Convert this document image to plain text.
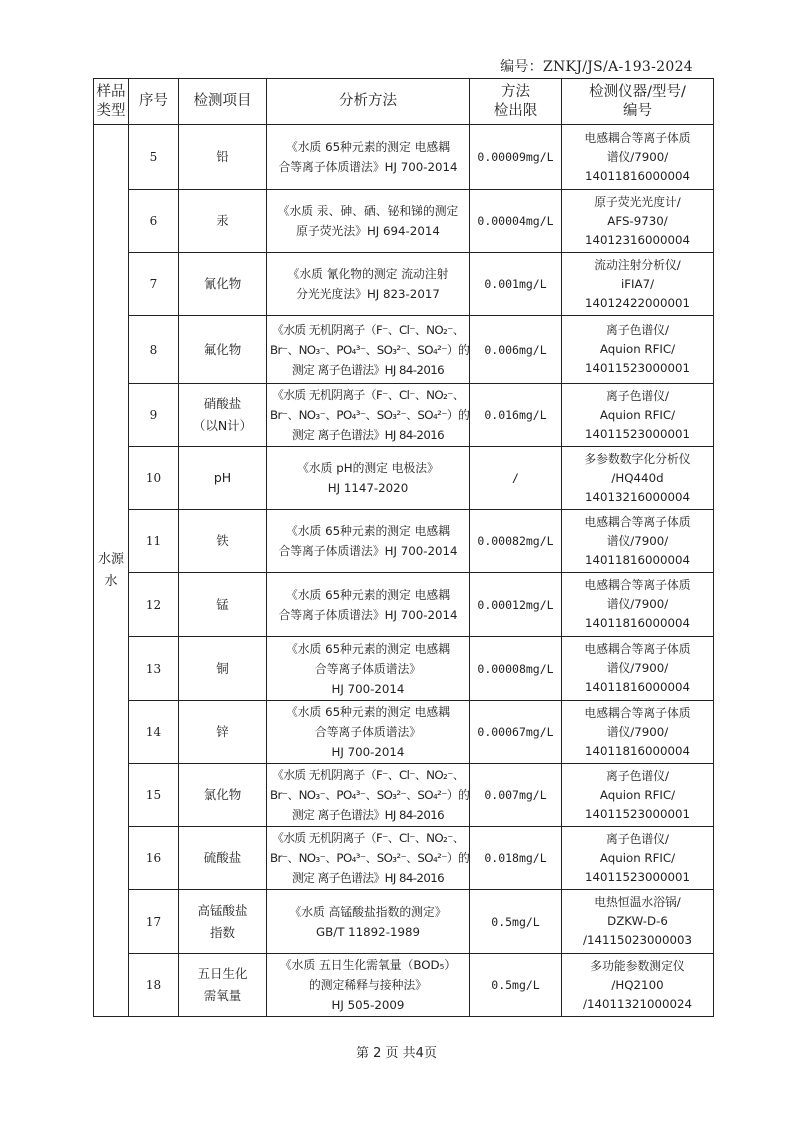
编号：ZNKJ/JS/A-193-2024
样品
类型	序号	检测项目	分析方法	方法
检出限	检测仪器/型号/
编号

水源
水	5	铅	《水质 65种元素的测定 电感耦
合等离子体质谱法》HJ 700-2014	0.00009mg/L	电感耦合等离子体质
谱仪/7900/
14011816000004

	6	汞	《水质 汞、砷、硒、铋和锑的测定
原子荧光法》HJ 694-2014	0.00004mg/L	原子荧光光度计/
AFS-9730/
14012316000004

	7	氰化物	《水质 氰化物的测定 流动注射
分光光度法》HJ 823-2017	0.001mg/L	流动注射分析仪/
iFIA7/
14012422000001

	8	氟化物	《水质 无机阴离子（F⁻、Cl⁻、NO₂⁻、
Br⁻、NO₃⁻、PO₄³⁻、SO₃²⁻、SO₄²⁻）的
测定 离子色谱法》HJ 84-2016	0.006mg/L	离子色谱仪/
Aquion RFIC/
14011523000001

	9	硝酸盐
（以N计）	《水质 无机阴离子（F⁻、Cl⁻、NO₂⁻、
Br⁻、NO₃⁻、PO₄³⁻、SO₃²⁻、SO₄²⁻）的
测定 离子色谱法》HJ 84-2016	0.016mg/L	离子色谱仪/
Aquion RFIC/
14011523000001

	10	pH	《水质 pH的测定 电极法》
HJ 1147-2020	/	多参数数字化分析仪
/HQ440d
14013216000004

	11	铁	《水质 65种元素的测定 电感耦
合等离子体质谱法》HJ 700-2014	0.00082mg/L	电感耦合等离子体质
谱仪/7900/
14011816000004

	12	锰	《水质 65种元素的测定 电感耦
合等离子体质谱法》HJ 700-2014	0.00012mg/L	电感耦合等离子体质
谱仪/7900/
14011816000004

	13	铜	《水质 65种元素的测定 电感耦
合等离子体质谱法》
HJ 700-2014	0.00008mg/L	电感耦合等离子体质
谱仪/7900/
14011816000004

	14	锌	《水质 65种元素的测定 电感耦
合等离子体质谱法》
HJ 700-2014	0.00067mg/L	电感耦合等离子体质
谱仪/7900/
14011816000004

	15	氯化物	《水质 无机阴离子（F⁻、Cl⁻、NO₂⁻、
Br⁻、NO₃⁻、PO₄³⁻、SO₃²⁻、SO₄²⁻）的
测定 离子色谱法》HJ 84-2016	0.007mg/L	离子色谱仪/
Aquion RFIC/
14011523000001

	16	硫酸盐	《水质 无机阴离子（F⁻、Cl⁻、NO₂⁻、
Br⁻、NO₃⁻、PO₄³⁻、SO₃²⁻、SO₄²⁻）的
测定 离子色谱法》HJ 84-2016	0.018mg/L	离子色谱仪/
Aquion RFIC/
14011523000001

	17	高锰酸盐
指数	《水质 高锰酸盐指数的测定》
GB/T 11892-1989	0.5mg/L	电热恒温水浴锅/
DZKW-D-6
/14115023000003

	18	五日生化
需氧量	《水质 五日生化需氧量（BOD₅）
的测定稀释与接种法》
HJ 505-2009	0.5mg/L	多功能参数测定仪
/HQ2100
/14011321000024
第 2 页 共4页
